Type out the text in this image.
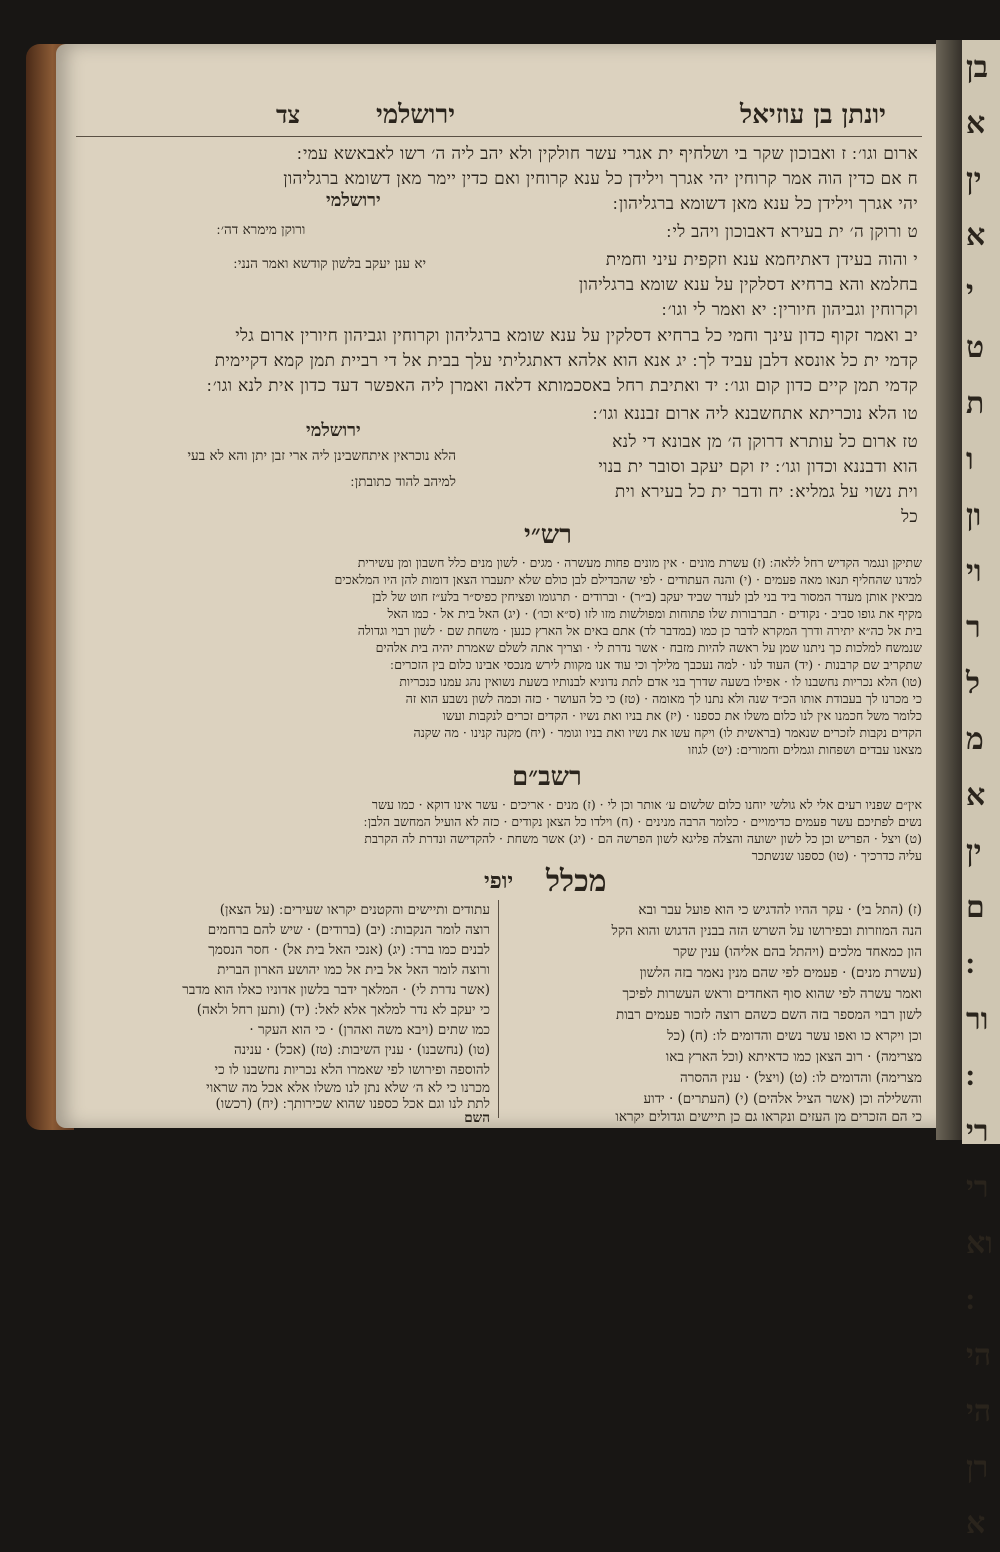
יונתן בן עוזיאל
ירושלמי
צד
ארום וגו׳ ׃ ז ואבוכון שקר בי ושלחיף ית אגרי עשר חולקין ולא יהב ליה ה׳ רשו לאבאשא עמי ׃
ח אם כדין הוה אמר קרוחין יהי אגרך וילידן כל ענא קרוחין ואם כדין יימר מאן דשומא ברגליהון
יהי אגרך וילידן כל ענא מאן דשומא ברגליהון ׃
ט ורוקן ה׳ ית בעירא דאבוכון ויהב לי ׃
י והוה בעידן דאתיחמא ענא וזקפית עיני וחמית
בחלמא והא ברחיא דסלקין על ענא שומא ברגליהון
וקרוחין וגביהון חיורין ׃ יא ואמר לי וגו׳ ׃
ירושלמי
ורוקן מימרא דה׳ ׃
יא ענן יעקב בלשון קודשא ואמר הנני ׃
יב ואמר זקוף כדון עינך וחמי כל ברחיא דסלקין על ענא שומא ברגליהון וקרוחין וגביהון חיורין ארום גלי
קדמי ית כל אונסא דלבן עביד לך ׃ יג אנא הוא אלהא דאתגליתי עלך בבית אל די רביית תמן קמא דקיימית
קדמי תמן קיים כדון קום וגו׳ ׃ יד ואתיבת רחל באסכמותא דלאה ואמרן ליה האפשר דעד כדון אית לנא וגו׳ ׃
טו הלא נוכריתא אתחשבנא ליה ארום זבננא וגו׳ ׃
טז ארום כל עותרא דרוקן ה׳ מן אבונא די לנא
הוא ודבננא וכדון וגו׳ ׃ יז וקם יעקב וסובר ית בנוי
וית נשוי על גמליא ׃ יח ודבר ית כל בעירא וית
כל
ירושלמי
הלא נוכראין איתחשבינן ליה ארי זבן יתן והא לא בעי
למיהב להוד כתובתן ׃
רש״י
שתיקן ונגמר הקדיש רחל ללאה ׃ (ז) עשרת מונים · אין מונים פחות מעשרה · מגים · לשון מנים כלל חשבון ומן עשירית
למדנו שהחליף תנאו מאה פעמים · (י) והנה העתודים · לפי שהבדילם לבן כולם שלא יתעברו הצאן דומות להן היו המלאכים
מביאין אותן מעדר המסור ביד בני לבן לעדר שביד יעקב (ב״ר) · וברודים · תרגומו ופציחין כפיס״ר בלע״ז חוט של לבן
מקיף את גופו סביב · נקודים · תברבורות שלו פתוחות ומפולשות מזו לזו (ס״א וכו׳) · (יג) האל בית אל · כמו האל
בית אל כה״א יתירה ודרך המקרא לדבר כן כמו (במדבר לד) אתם באים אל הארץ כנען · משחת שם · לשון רבוי וגדולה
שנמשח למלכות כך ניתנו שמן על ראשה להיות מזבח · אשר נדרת לי · וצריך אתה לשלם שאמרת יהיה בית אלהים
שתקריב שם קרבנות · (יד) העוד לנו · למה נעכבך מלילך וכי עוד אנו מקוות לירש מנכסי אבינו כלום בין הזכרים ׃
(טו) הלא נכריות נחשבנו לו · אפילו בשעה שדרך בני אדם לתת נדוניא לבנותיו בשעת נשואין נהג עמנו כנכריות
כי מכרנו לך בעבודת אותו הכ״ד שנה ולא נתנו לך מאומה · (טז) כי כל העושר · כזה וכמה לשון נשבע הוא זה
כלומר משל חכמנו אין לנו כלום משלו את כספנו · (יז) את בניו ואת נשיו · הקדים זכרים לנקבות ועשו
הקדים נקבות לזכרים שנאמר (בראשית לו) ויקח עשו את נשיו ואת בניו וגומר · (יח) מקנה קנינו · מה שקנה
מצאנו עבדים ושפחות וגמלים וחמורים ׃ (יט) לגוזו
רשב״ם
אין״ם שפניו רעים אלי לא גולשי יוחנו כלום שלשום ע׳ אותר וכן לי · (ז) מנים · אריכים · עשר אינו דוקא · כמו עשר
נשים לפתיכם עשר פעמים כדימויים · כלומר הרבה מנינים · (ח) וילדו כל הצאן נקודים · כזה לא הועיל המחשב הלבן ׃
(ט) ויצל · הפריש וכן כל לשון ישועה והצלה פליגא לשון הפרשה הם · (יג) אשר משחת · להקדישה ונדרת לה הקרבת
עליה כדרכיך · (טו) כספנו שנשתכר
מכלל
יופי
(ז) (התל בי) · עקר ההיו להדגיש כי הוא פועל עבר ובא
הנה המוזרות ובפירושו על השרש הזה בבנין הדגוש והוא הקל
הון כמאחד מלכים (ויהתל בהם אליהו) ענין שקר
(עשרת מנים) · פעמים לפי שהם מנין נאמר בזה הלשון
ואמר עשרה לפי שהוא סוף האחדים וראש העשרות לפיכך
לשון רבוי המספר בזה השם כשהם רוצה לזכור פעמים רבות
וכן ויקרא כו ואפו עשר נשים והדומים לו ׃ (ח) (כל
מצרימה) · רוב הצאן כמו כדאיתא (וכל הארץ באו
מצרימה) והדומים לו ׃ (ט) (ויצל) · ענין ההסרה
והשלילה וכן (אשר הציל אלהים) (י) (העתרים) · ידוע
כי הם הזכרים מן העזים ונקראו גם כן תיישים וגדולים יקראו
עתודים ותיישים והקטנים יקראו שעירים ׃ (על הצאן)
רוצה לומר הנקבות ׃ (יב) (ברודים) · שיש להם ברחמים
לבנים כמו ברד ׃ (יג) (אנכי האל בית אל) · חסר הנסמך
ורוצה לומר האל אל בית אל כמו יהושע הארון הברית
(אשר נדרת לי) · המלאך ידבר בלשון אדוניו כאלו הוא מדבר
כי יעקב לא נדר למלאך אלא לאל ׃ (יד) (ותען רחל ולאה)
כמו שתים (ויבא משה ואהרן) · כי הוא העקר ·
(טו) (נחשבנו) · ענין השיבות ׃ (טז) (אכל) · ענינה
להוספה ופירושו לפי שאמרו הלא נכריות נחשבנו לו כי
מכרנו כי לא ה׳ שלא נתן לנו משלו אלא אכל מה שראוי
לתת לנו וגם אכל כספנו שהוא שכירותך ׃ (יח) (רכשו)
השם
בן
א
ין
א
י
ט
ת
ו
ון
וי
ר
ל
מ
א
ין
ם
ור
רי
רי
וא
הי
הי
רן
א
